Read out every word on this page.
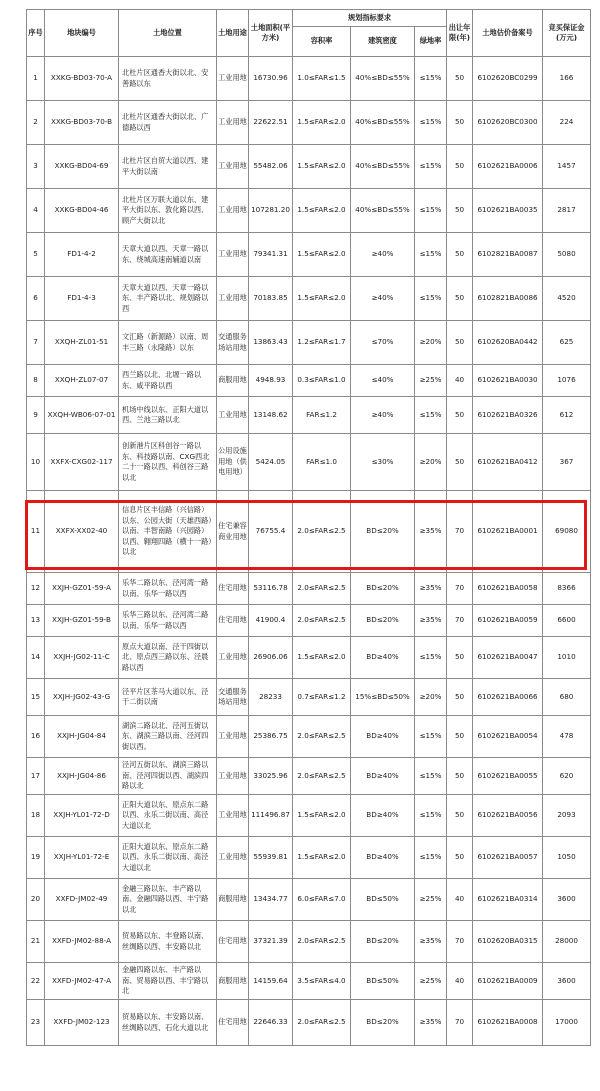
序号	地块编号	土地位置	土地用途	土地面积(平方米)	规划指标要求			出让年限(年)	土地估价备案号	竞买保证金(万元)
					容积率	建筑密度	绿地率			
1	XXKG-BD03-70-A	北杜片区通香大街以北、安善路以东	工业用地	16730.96	1.0≤FAR≤1.5	40%≤BD≤55%	≤15%	50	6102620BC0299	166
2	XXKG-BD03-70-B	北杜片区通香大街以北、广德路以西	工业用地	22622.51	1.5≤FAR≤2.0	40%≤BD≤55%	≤15%	50	6102620BC0300	224
3	XXKG-BD04-69	北杜片区自贸大道以西、建平大街以南	工业用地	55482.06	1.5≤FAR≤2.0	40%≤BD≤55%	≤15%	50	6102621BA0006	1457
4	XXKG-BD04-46	北杜片区万联大道以东、建平大街以东、敦化路以西、顾产大街以北	工业用地	107281.20	1.5≤FAR≤2.0	40%≤BD≤55%	≤15%	50	6102621BA0035	2817
5	FD1-4-2	天章大道以西、天章一路以东、绕城高速南辅道以南	工业用地	79341.31	1.5≤FAR≤2.0	≥40%	≤15%	50	6102821BA0087	5080
6	FD1-4-3	天章大道以西、天章一路以东、丰产路以北、规划路以西	工业用地	70183.85	1.5≤FAR≤2.0	≥40%	≤15%	50	6102821BA0086	4520
7	XXQH-ZL01-51	文汇路（新源路）以南、周丰三路（永隆路）以东	交通服务场站用地	13863.43	1.2≤FAR≤1.7	≤70%	≥20%	50	6102620BA0442	625
8	XXQH-ZL07-07	西兰路以北、北塬一路以东、咸平路以西	商服用地	4948.93	0.3≤FAR≤1.0	≤40%	≥25%	40	6102621BA0030	1076
9	XXQH-WB06-07-01	机场中线以东、正阳大道以西、兰池三路以北	工业用地	13148.62	FAR≤1.2	≥40%	≤15%	50	6102621BA0326	612
10	XXFX-CXG02-117	创新港片区科创谷一路以东、科技路以南、CXG西北二十一路以西、科创谷三路以北	公用设施用地（供电用地）	5424.05	FAR≤1.0	≤30%	≥20%	50	6102621BA0412	367
11	XXFX-XX02-40	信息片区丰信路（兴信路）以东、公园大街（天雄西路）以南、丰智南路（兴园路）以西、翱翔四路（横十一路）以北	住宅兼容商业用地	76755.4	2.0≤FAR≤2.5	BD≤20%	≥35%	70	6102621BA0001	69080
12	XXJH-GZ01-59-A	乐华二路以东、泾河湾一路以南、乐华一路以西	住宅用地	53116.78	2.0≤FAR≤2.5	BD≤20%	≥35%	70	6102621BA0058	8366
13	XXJH-GZ01-59-B	乐华三路以东、泾河湾二路以南、乐华一路以西	住宅用地	41900.4	2.0≤FAR≤2.5	BD≤20%	≥35%	70	6102621BA0059	6600
14	XXJH-JG02-11-C	原点大道以南、泾干四街以北、原点西三路以东、泾晨路以西	工业用地	26906.06	1.5≤FAR≤2.0	BD≥40%	≤15%	50	6102621BA0047	1010
15	XXJH-JG02-43-G	泾平片区茶马大道以东、泾干二街以南	交通服务场站用地	28233	0.7≤FAR≤1.2	15%≤BD≤50%	≥20%	50	6102621BA0066	680
16	XXJH-JG04-84	湖滨二路以北、泾河五街以东、湖滨三路以南、泾河四街以西。	工业用地	25386.75	2.0≤FAR≤2.5	BD≥40%	≤15%	50	6102621BA0054	478
17	XXJH-JG04-86	泾河五街以东、湖滨三路以南、泾河四街以西、湖滨四路以北	工业用地	33025.96	2.0≤FAR≤2.5	BD≥40%	≤15%	50	6102621BA0055	620
18	XXJH-YL01-72-D	正阳大道以东、原点东二路以西、永乐二街以南、高泾大道以北	工业用地	111496.87	1.5≤FAR≤2.0	BD≥40%	≤15%	50	6102621BA0056	2093
19	XXJH-YL01-72-E	正阳大道以东、原点东二路以西、永乐二街以南、高泾大道以北	工业用地	55939.81	1.5≤FAR≤2.0	BD≥40%	≤15%	50	6102621BA0057	1050
20	XXFD-JM02-49	金融三路以东、丰产路以南、金融四路以西、丰宁路以北	商服用地	13434.77	6.0≤FAR≤7.0	BD≤50%	≥25%	40	6102621BA0314	3600
21	XXFD-JM02-88-A	贸易路以东、丰登路以南、丝绸路以西、丰安路以北	住宅用地	37321.39	2.0≤FAR≤2.5	BD≤20%	≥35%	70	6102620BA0315	28000
22	XXFD-JM02-47-A	金融四路以东、丰产路以南、贸易路以西、丰宁路以北	商服用地	14159.64	3.5≤FAR≤4.0	BD≤50%	≥25%	40	6102621BA0009	3600
23	XXFD-JM02-123	贸易路以东、丰安路以南、丝绸路以西、石化大道以北	住宅用地	22646.33	2.0≤FAR≤2.5	BD≤20%	≥35%	70	6102621BA0008	17000
